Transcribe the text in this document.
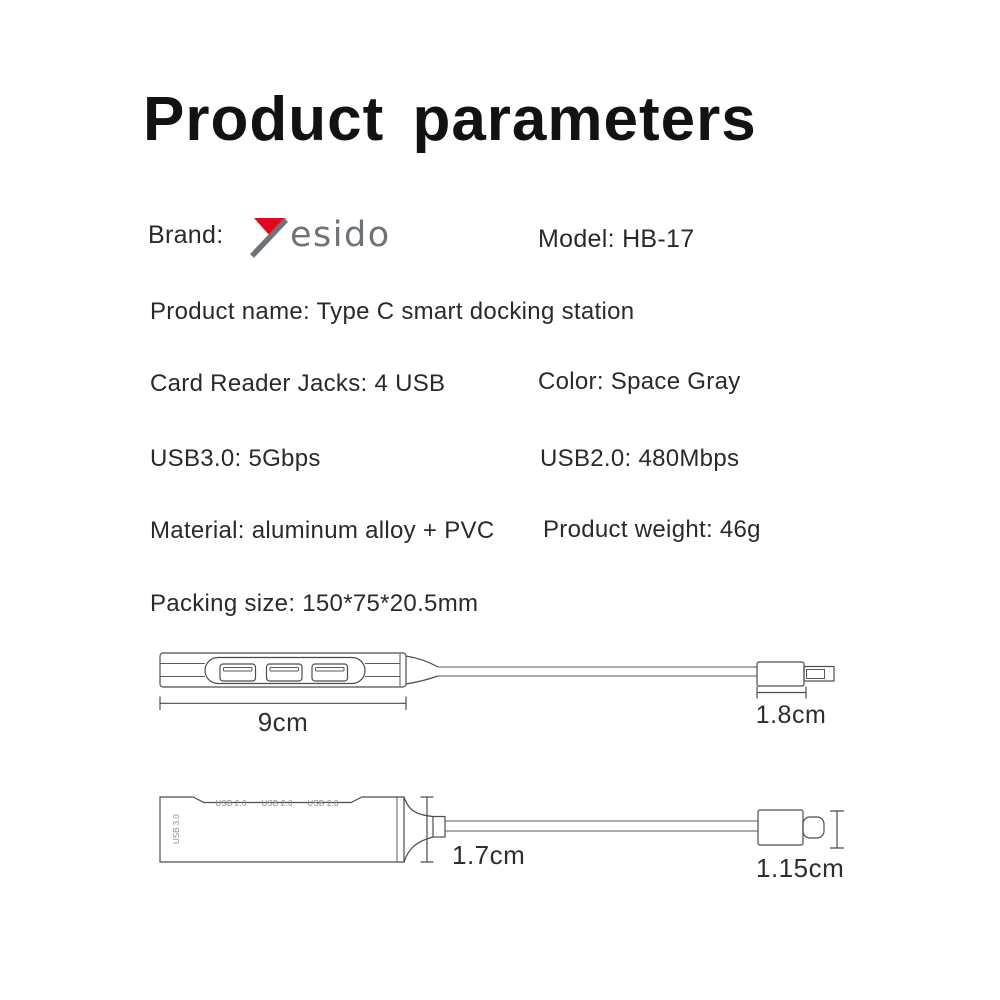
Product parameters
Brand: esido	Model: HB-17
Product name: Type C smart docking station
Card Reader Jacks: 4 USB	Color: Space Gray
USB3.0: 5Gbps	USB2.0: 480Mbps
Material: aluminum alloy + PVC Product weight: 46g
Packing size: 150*75*20.5mm
9cm	1.8cm
USB 2.0 USB 2.0 USB 2.0
USB 3.0
1.7cm	1.15cm
